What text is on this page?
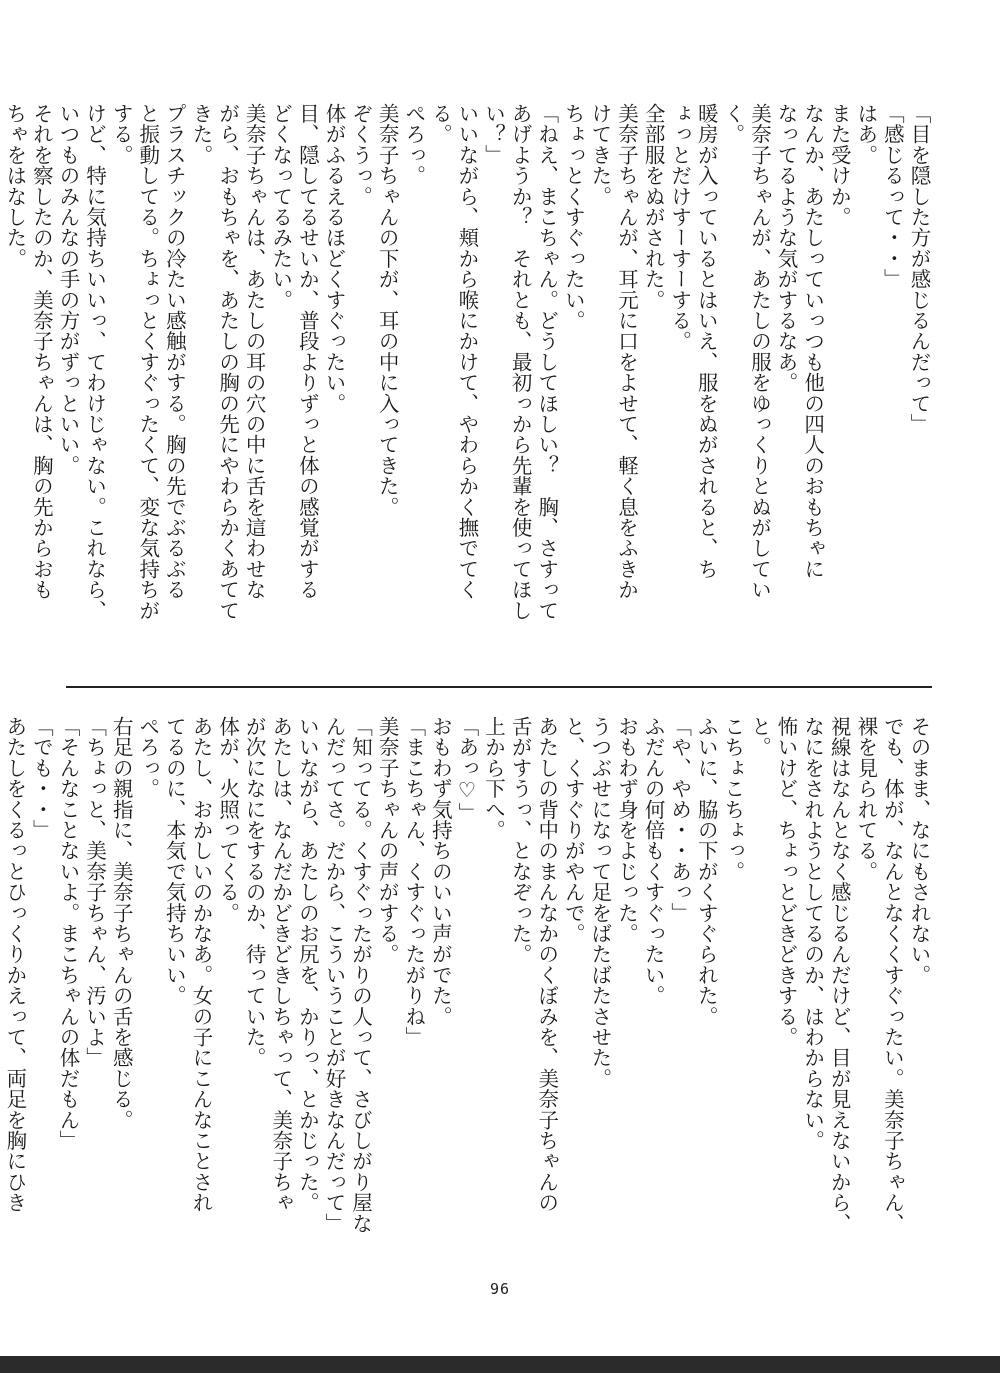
「目を隠した方が感じるんだって」
「感じるって・・」
はあ。
また受けか。
なんか、あたしっていっつも他の四人のおもちゃに
なってるような気がするなあ。
美奈子ちゃんが、あたしの服をゆっくりとぬがしてい
く。
暖房が入っているとはいえ、服をぬがされると、ち
ょっとだけすーすーする。
全部服をぬがされた。
美奈子ちゃんが、耳元に口をよせて、軽く息をふきか
けてきた。
ちょっとくすぐったい。
「ねえ、まこちゃん。どうしてほしい？　胸、さすって
あげようか？　それとも、最初っから先輩を使ってほし
い？」
いいながら、頬から喉にかけて、やわらかく撫でてく
る。
ぺろっ。
美奈子ちゃんの下が、耳の中に入ってきた。
ぞくうっ。
体がふるえるほどくすぐったい。
目、隠してるせいか、普段よりずっと体の感覚がする
どくなってるみたい。
美奈子ちゃんは、あたしの耳の穴の中に舌を這わせな
がら、おもちゃを、あたしの胸の先にやわらかくあてて
きた。
プラスチックの冷たい感触がする。胸の先でぶるぶる
と振動してる。ちょっとくすぐったくて、変な気持ちが
する。
けど、特に気持ちいいっ、てわけじゃない。これなら、
いつものみんなの手の方がずっといい。
それを察したのか、美奈子ちゃんは、胸の先からおも
ちゃをはなした。
そのまま、なにもされない。
でも、体が、なんとなくくすぐったい。美奈子ちゃん、
裸を見られてる。
視線はなんとなく感じるんだけど、目が見えないから、
なにをされようとしてるのか、はわからない。
怖いけど、ちょっとどきどきする。
と。
こちょこちょっ。
ふいに、脇の下がくすぐられた。
「や、やめ・・あっ」
ふだんの何倍もくすぐったい。
おもわず身をよじった。
うつぶせになって足をばたばたさせた。
と、くすぐりがやんで。
あたしの背中のまんなかのくぼみを、美奈子ちゃんの
舌がすうっ、となぞった。
上から下へ。
「あっ♡」
おもわず気持ちのいい声がでた。
「まこちゃん、くすぐったがりね」
美奈子ちゃんの声がする。
「知ってる。くすぐったがりの人って、さびしがり屋な
んだってさ。だから、こういうことが好きなんだって」
いいながら、あたしのお尻を、かりっ、とかじった。
あたしは、なんだかどきどきしちゃって、美奈子ちゃ
が次になにをするのか、待っていた。
体が、火照ってくる。
あたし、おかしいのかなあ。女の子にこんなことされ
てるのに、本気で気持ちいい。
ぺろっ。
右足の親指に、美奈子ちゃんの舌を感じる。
「ちょっと、美奈子ちゃん、汚いよ」
「そんなことないよ。まこちゃんの体だもん」
「でも・・」
あたしをくるっとひっくりかえって、両足を胸にひき
96
